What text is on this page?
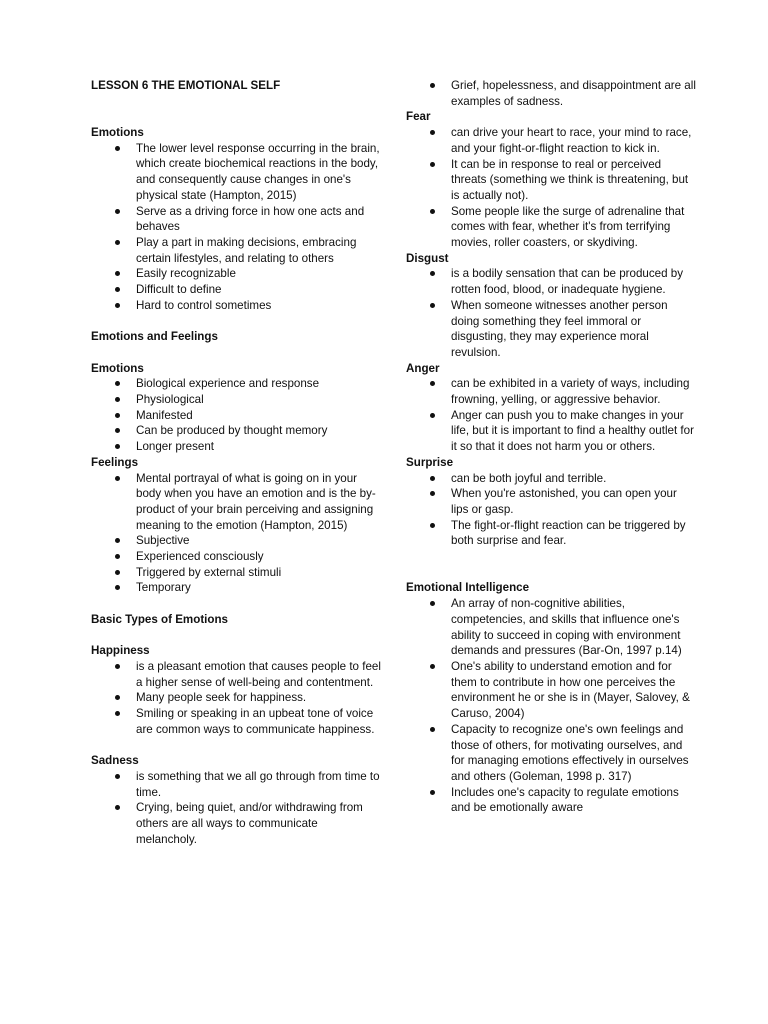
LESSON 6 THE EMOTIONAL SELF

Emotions

The lower level response occurring in the brain, which create biochemical reactions in the body, and consequently cause changes in one's physical state (Hampton, 2015)
Serve as a driving force in how one acts and behaves
Play a part in making decisions, embracing certain lifestyles, and relating to others
Easily recognizable
Difficult to define
Hard to control sometimes

Emotions and Feelings

Emotions

Biological experience and response
Physiological
Manifested
Can be produced by thought memory
Longer present

Feelings

Mental portrayal of what is going on in your body when you have an emotion and is the by-product of your brain perceiving and assigning meaning to the emotion (Hampton, 2015)
Subjective
Experienced consciously
Triggered by external stimuli
Temporary

Basic Types of Emotions

Happiness

is a pleasant emotion that causes people to feel a higher sense of well-being and contentment.
Many people seek for happiness.
Smiling or speaking in an upbeat tone of voice are common ways to communicate happiness.

Sadness

is something that we all go through from time to time.
Crying, being quiet, and/or withdrawing from others are all ways to communicate melancholy.
Grief, hopelessness, and disappointment are all examples of sadness.

Fear

can drive your heart to race, your mind to race, and your fight-or-flight reaction to kick in.
It can be in response to real or perceived threats (something we think is threatening, but is actually not).
Some people like the surge of adrenaline that comes with fear, whether it's from terrifying movies, roller coasters, or skydiving.

Disgust

is a bodily sensation that can be produced by rotten food, blood, or inadequate hygiene.
When someone witnesses another person doing something they feel immoral or disgusting, they may experience moral revulsion.

Anger

can be exhibited in a variety of ways, including frowning, yelling, or aggressive behavior.
Anger can push you to make changes in your life, but it is important to find a healthy outlet for it so that it does not harm you or others.

Surprise

can be both joyful and terrible.
When you're astonished, you can open your lips or gasp.
The fight-or-flight reaction can be triggered by both surprise and fear.

Emotional Intelligence

An array of non-cognitive abilities, competencies, and skills that influence one's ability to succeed in coping with environment demands and pressures (Bar-On, 1997 p.14)
One's ability to understand emotion and for them to contribute in how one perceives the environment he or she is in (Mayer, Salovey, & Caruso, 2004)
Capacity to recognize one's own feelings and those of others, for motivating ourselves, and for managing emotions effectively in ourselves and others (Goleman, 1998 p. 317)
Includes one's capacity to regulate emotions and be emotionally aware
